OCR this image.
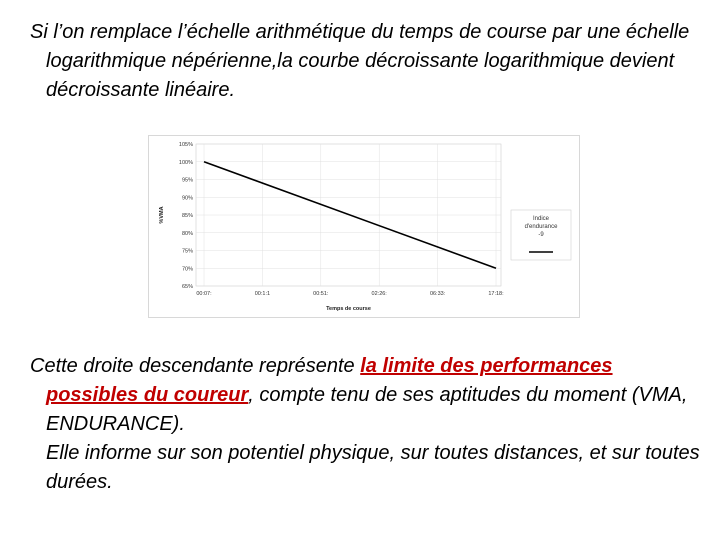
Si l’on remplace l’échelle arithmétique du temps de course par une échelle logarithmique népérienne,la courbe décroissante logarithmique devient décroissante linéaire.

105%
100%
95%
90%
85%
80%
75%
70%
65%
00:07:	00:1:1	00:51:	02:26:	06:33:	17:18:
Temps de course
%VMA	Indice
d'endurance
-9

Cette droite descendante représente la limite des performances possibles du coureur, compte tenu de ses aptitudes du moment (VMA, ENDURANCE).
Elle informe sur son potentiel physique, sur toutes distances, et sur toutes durées.
